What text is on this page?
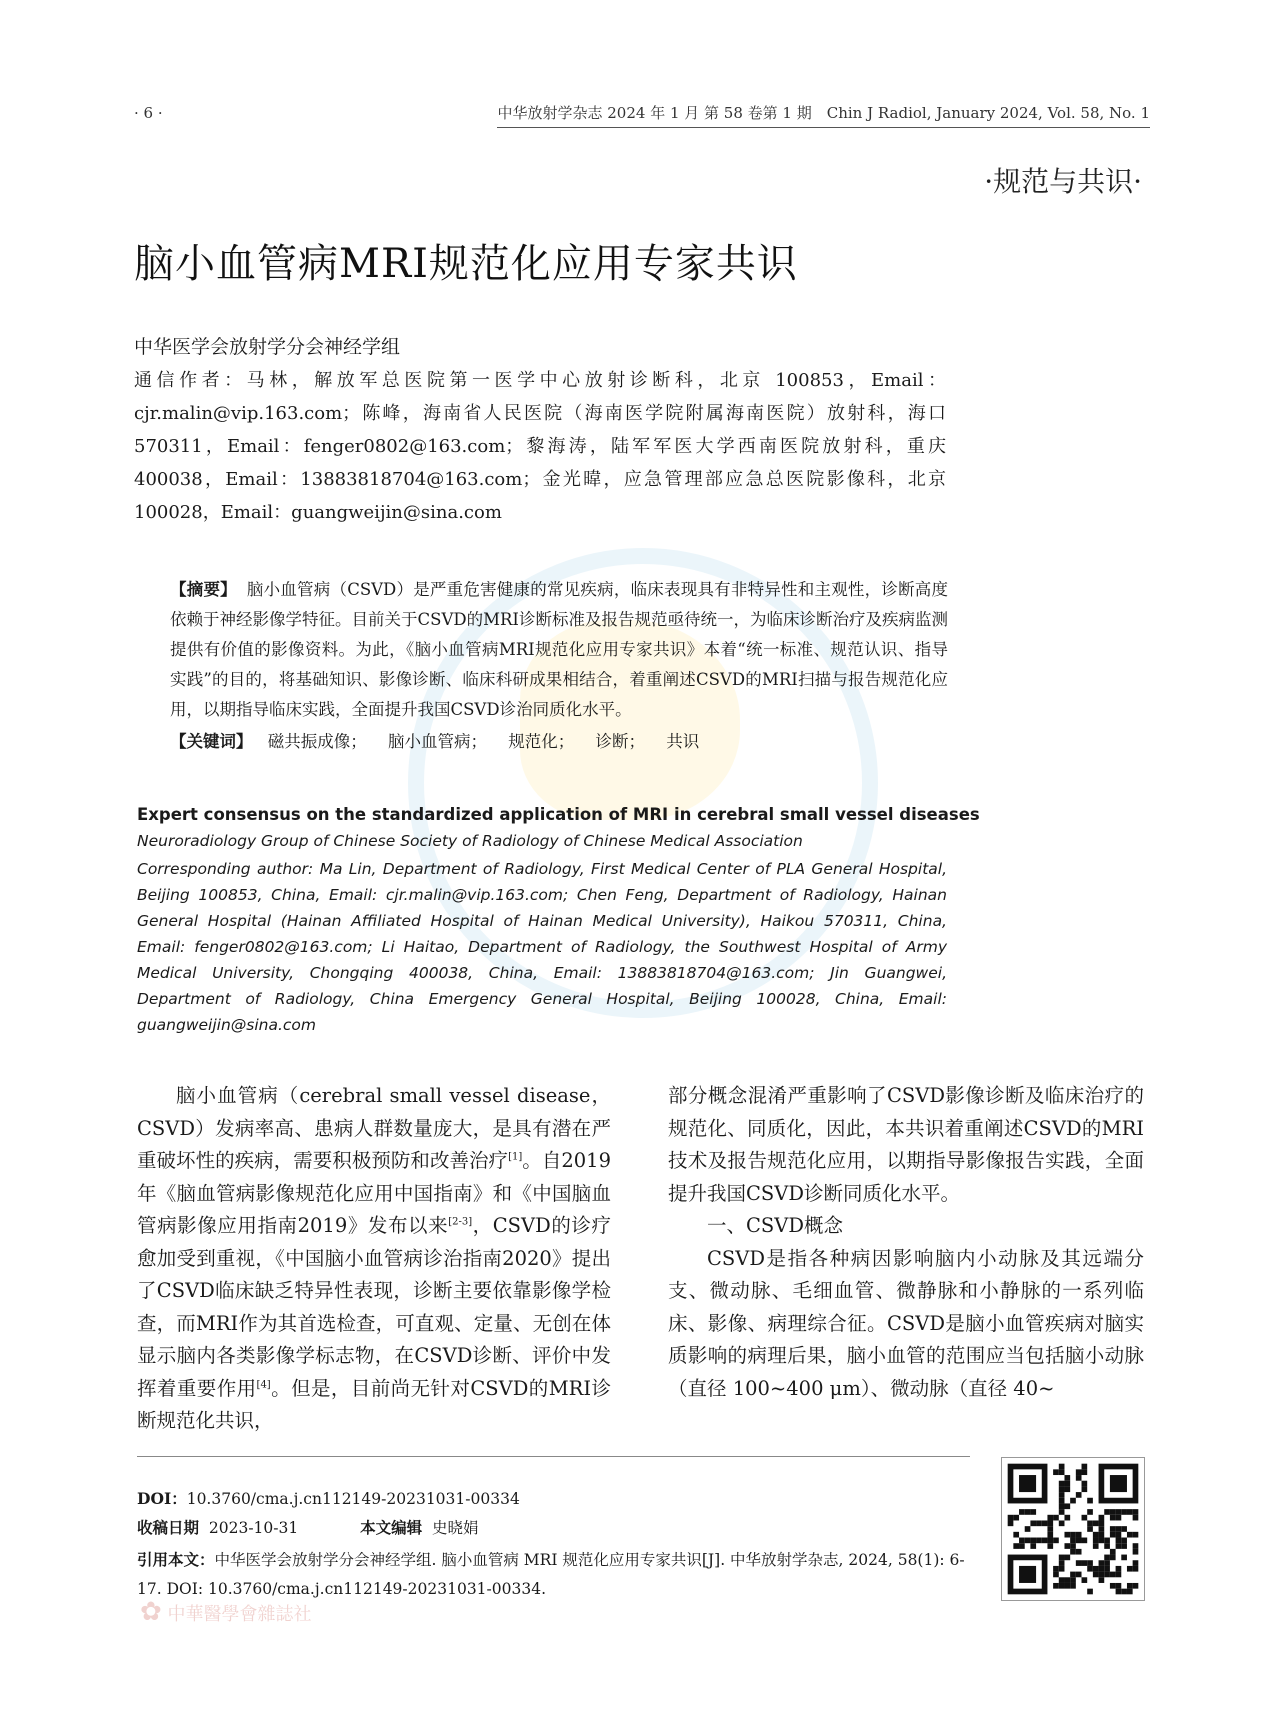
· 6 ·	中华放射学杂志 2024 年 1 月 第 58 卷第 1 期　Chin J Radiol, January 2024, Vol. 58, No. 1
·规范与共识·
脑小血管病MRI规范化应用专家共识
中华医学会放射学分会神经学组
通信作者：马林，解放军总医院第一医学中心放射诊断科，北京 100853，Email：cjr.malin@vip.163.com；陈峰，海南省人民医院（海南医学院附属海南医院）放射科，海口 570311，Email：fenger0802@163.com；黎海涛，陆军军医大学西南医院放射科，重庆 400038，Email：13883818704@163.com；金光暐，应急管理部应急总医院影像科，北京 100028，Email：guangweijin@sina.com
【摘要】 脑小血管病（CSVD）是严重危害健康的常见疾病，临床表现具有非特异性和主观性，诊断高度依赖于神经影像学特征。目前关于CSVD的MRI诊断标准及报告规范亟待统一，为临床诊断治疗及疾病监测提供有价值的影像资料。为此，《脑小血管病MRI规范化应用专家共识》本着“统一标准、规范认识、指导实践”的目的，将基础知识、影像诊断、临床科研成果相结合，着重阐述CSVD的MRI扫描与报告规范化应用，以期指导临床实践，全面提升我国CSVD诊治同质化水平。
【关键词】 磁共振成像； 脑小血管病； 规范化； 诊断； 共识
Expert consensus on the standardized application of MRI in cerebral small vessel diseases
Neuroradiology Group of Chinese Society of Radiology of Chinese Medical Association
Corresponding author: Ma Lin, Department of Radiology, First Medical Center of PLA General Hospital, Beijing 100853, China, Email: cjr.malin@vip.163.com; Chen Feng, Department of Radiology, Hainan General Hospital (Hainan Affiliated Hospital of Hainan Medical University), Haikou 570311, China, Email: fenger0802@163.com; Li Haitao, Department of Radiology, the Southwest Hospital of Army Medical University, Chongqing 400038, China, Email: 13883818704@163.com; Jin Guangwei, Department of Radiology, China Emergency General Hospital, Beijing 100028, China, Email: guangweijin@sina.com

脑小血管病（cerebral small vessel disease，CSVD）发病率高、患病人群数量庞大，是具有潜在严重破坏性的疾病，需要积极预防和改善治疗[1]。自2019年《脑血管病影像规范化应用中国指南》和《中国脑血管病影像应用指南2019》发布以来[2-3]，CSVD的诊疗愈加受到重视，《中国脑小血管病诊治指南2020》提出了CSVD临床缺乏特异性表现，诊断主要依靠影像学检查，而MRI作为其首选检查，可直观、定量、无创在体显示脑内各类影像学标志物，在CSVD诊断、评价中发挥着重要作用[4]。但是，目前尚无针对CSVD的MRI诊断规范化共识，

部分概念混淆严重影响了CSVD影像诊断及临床治疗的规范化、同质化，因此，本共识着重阐述CSVD的MRI技术及报告规范化应用，以期指导影像报告实践，全面提升我国CSVD诊断同质化水平。

一、CSVD概念

CSVD是指各种病因影响脑内小动脉及其远端分支、微动脉、毛细血管、微静脉和小静脉的一系列临床、影像、病理综合征。CSVD是脑小血管疾病对脑实质影响的病理后果，脑小血管的范围应当包括脑小动脉（直径 100~400 μm）、微动脉（直径 40~

DOI：10.3760/cma.j.cn112149-20231031-00334
收稿日期 2023-10-31	本文编辑 史晓娟
引用本文：中华医学会放射学分会神经学组. 脑小血管病 MRI 规范化应用专家共识[J]. 中华放射学杂志, 2024, 58(1): 6-17. DOI: 10.3760/cma.j.cn112149-20231031-00334.
✿ 中華醫學會雜誌社
